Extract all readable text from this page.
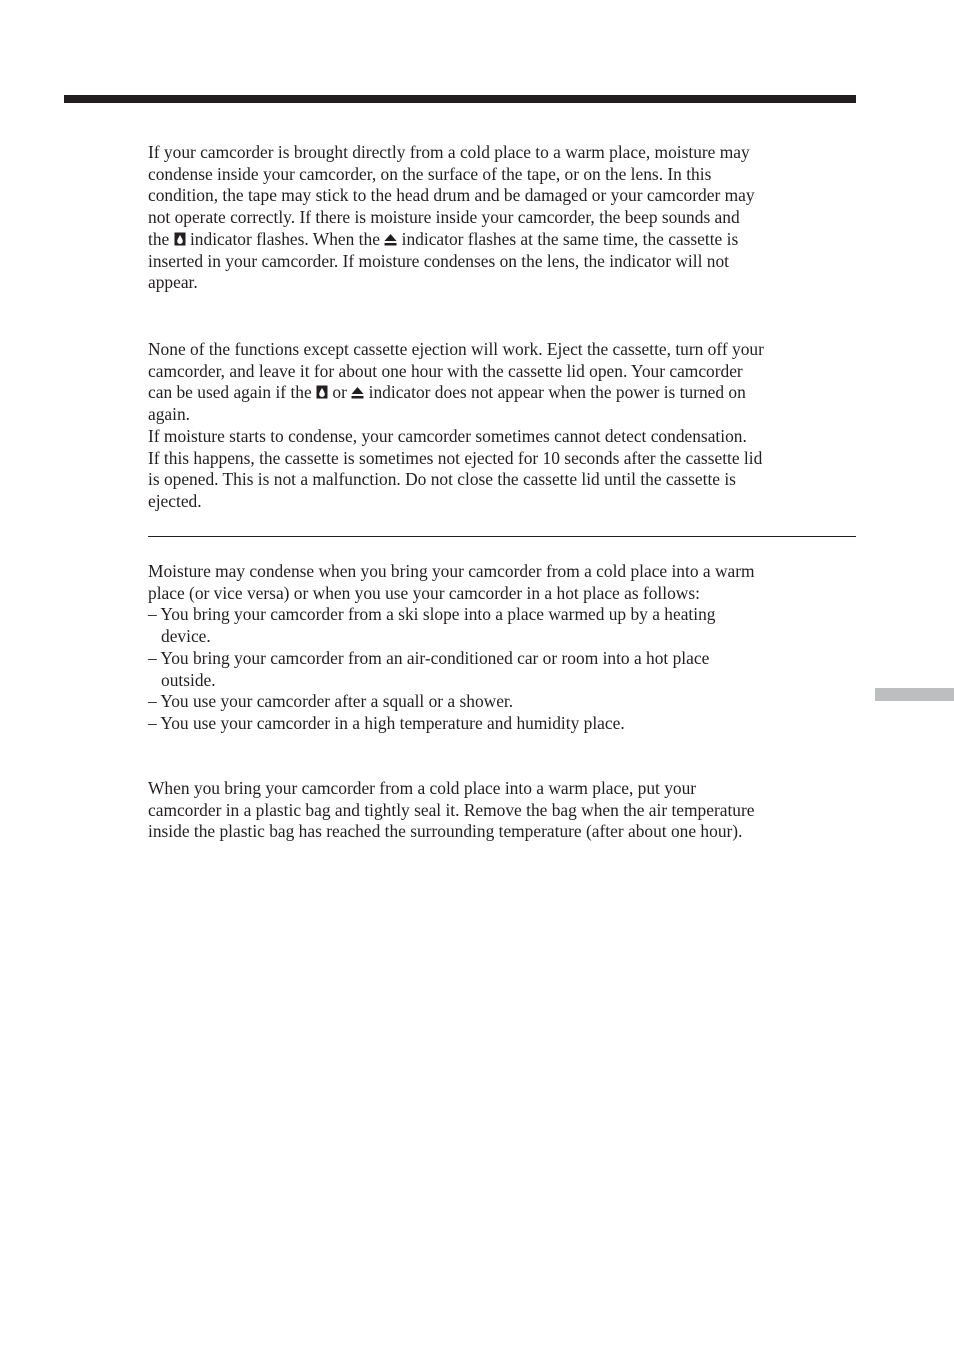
If your camcorder is brought directly from a cold place to a warm place, moisture may
condense inside your camcorder, on the surface of the tape, or on the lens. In this
condition, the tape may stick to the head drum and be damaged or your camcorder may
not operate correctly. If there is moisture inside your camcorder, the beep sounds and
the indicator flashes. When the indicator flashes at the same time, the cassette is
inserted in your camcorder. If moisture condenses on the lens, the indicator will not
appear.
None of the functions except cassette ejection will work. Eject the cassette, turn off your
camcorder, and leave it for about one hour with the cassette lid open. Your camcorder
can be used again if the or indicator does not appear when the power is turned on
again.
If moisture starts to condense, your camcorder sometimes cannot detect condensation.
If this happens, the cassette is sometimes not ejected for 10 seconds after the cassette lid
is opened. This is not a malfunction. Do not close the cassette lid until the cassette is
ejected.
Moisture may condense when you bring your camcorder from a cold place into a warm
place (or vice versa) or when you use your camcorder in a hot place as follows:
– You bring your camcorder from a ski slope into a place warmed up by a heating
device.
– You bring your camcorder from an air-conditioned car or room into a hot place
outside.
– You use your camcorder after a squall or a shower.
– You use your camcorder in a high temperature and humidity place.
When you bring your camcorder from a cold place into a warm place, put your
camcorder in a plastic bag and tightly seal it. Remove the bag when the air temperature
inside the plastic bag has reached the surrounding temperature (after about one hour).
